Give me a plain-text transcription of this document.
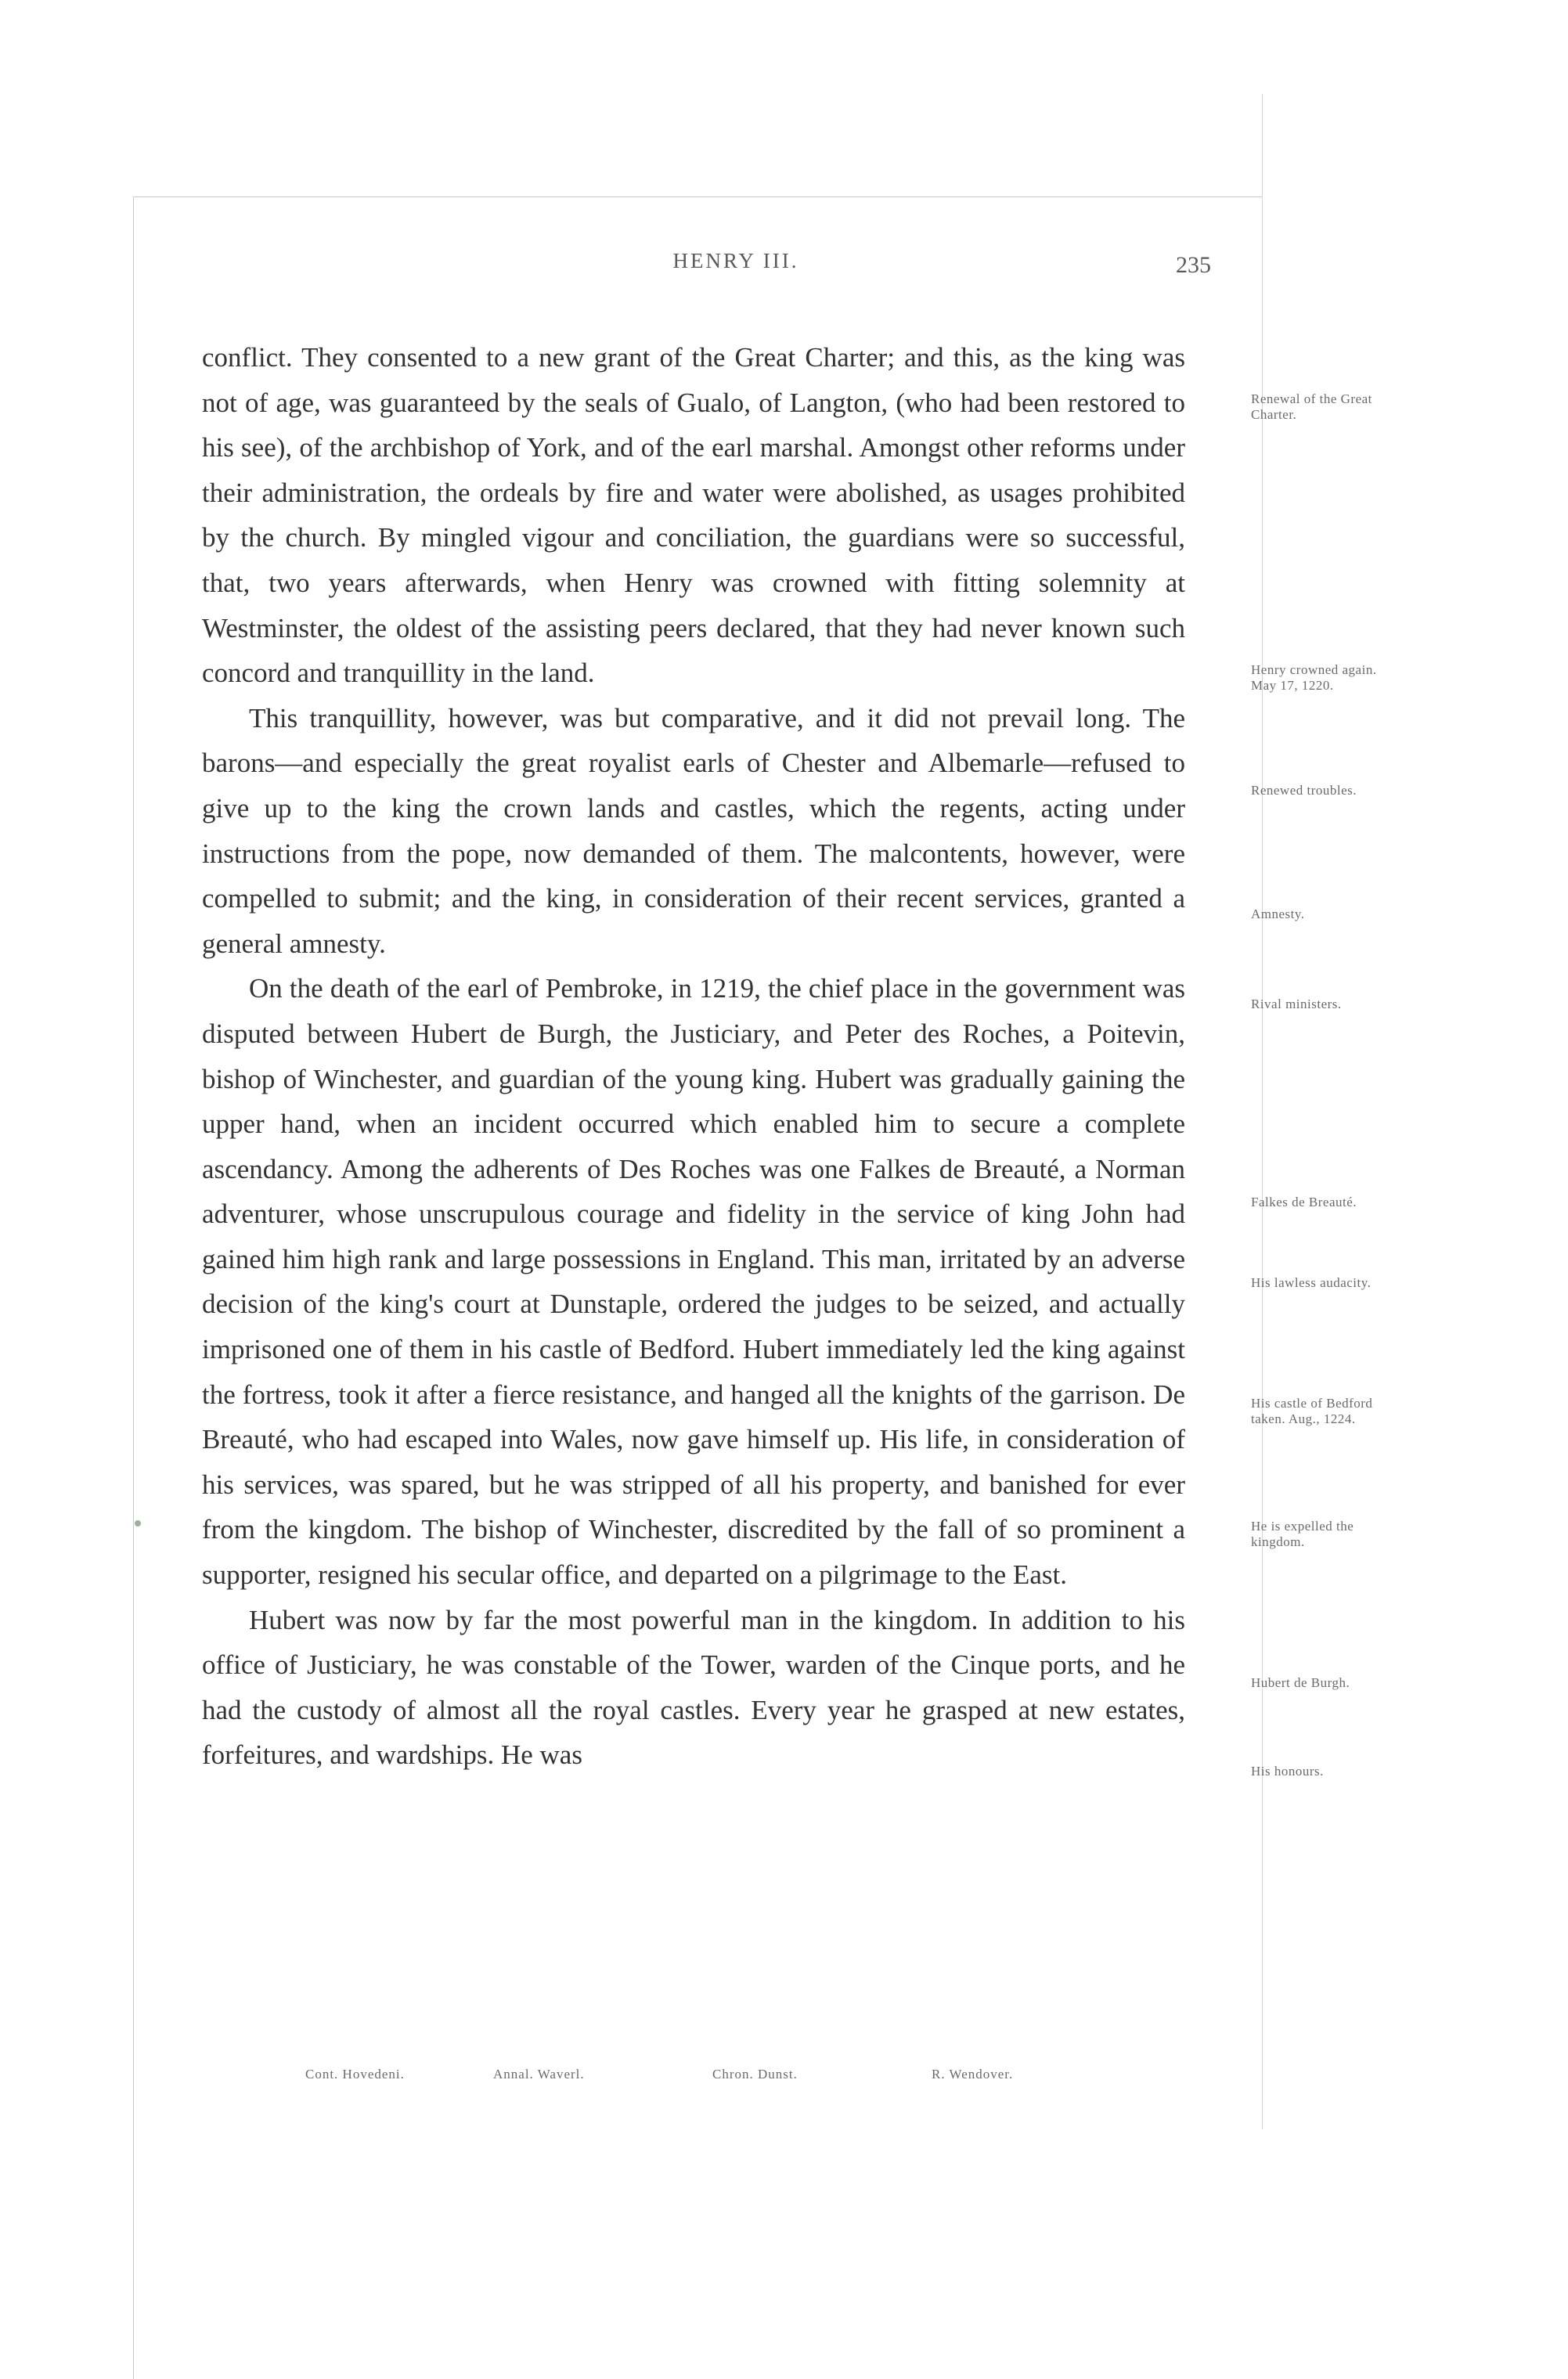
HENRY III.	235

conflict. They consented to a new grant of the Great Charter; and this, as the king was not of age, was guaranteed by the seals of Gualo, of Langton, (who had been restored to his see), of the archbishop of York, and of the earl marshal. Amongst other reforms under their administration, the ordeals by fire and water were abolished, as usages prohibited by the church. By mingled vigour and conciliation, the guardians were so successful, that, two years afterwards, when Henry was crowned with fitting solemnity at Westminster, the oldest of the assisting peers declared, that they had never known such concord and tranquillity in the land.

This tranquillity, however, was but comparative, and it did not prevail long. The barons—and especially the great royalist earls of Chester and Albemarle—refused to give up to the king the crown lands and castles, which the regents, acting under instructions from the pope, now demanded of them. The malcontents, however, were compelled to submit; and the king, in consideration of their recent services, granted a general amnesty.

On the death of the earl of Pembroke, in 1219, the chief place in the government was disputed between Hubert de Burgh, the Justiciary, and Peter des Roches, a Poitevin, bishop of Winchester, and guardian of the young king. Hubert was gradually gaining the upper hand, when an incident occurred which enabled him to secure a complete ascendancy. Among the adherents of Des Roches was one Falkes de Breauté, a Norman adventurer, whose unscrupulous courage and fidelity in the service of king John had gained him high rank and large possessions in England. This man, irritated by an adverse decision of the king's court at Dunstaple, ordered the judges to be seized, and actually imprisoned one of them in his castle of Bedford. Hubert immediately led the king against the fortress, took it after a fierce resistance, and hanged all the knights of the garrison. De Breauté, who had escaped into Wales, now gave himself up. His life, in consideration of his services, was spared, but he was stripped of all his property, and banished for ever from the kingdom. The bishop of Winchester, discredited by the fall of so prominent a supporter, resigned his secular office, and departed on a pilgrimage to the East.

Hubert was now by far the most powerful man in the kingdom. In addition to his office of Justiciary, he was constable of the Tower, warden of the Cinque ports, and he had the custody of almost all the royal castles. Every year he grasped at new estates, forfeitures, and wardships. He was

Renewal of the Great Charter.
Henry crowned again. May 17, 1220.
Renewed troubles.
Amnesty.
Rival ministers.
Falkes de Breauté.
His lawless audacity.
His castle of Bedford taken. Aug., 1224.
He is expelled the kingdom.
Hubert de Burgh.
His honours.
Cont. Hovedeni.	Annal. Waverl.	Chron. Dunst.	R. Wendover.
